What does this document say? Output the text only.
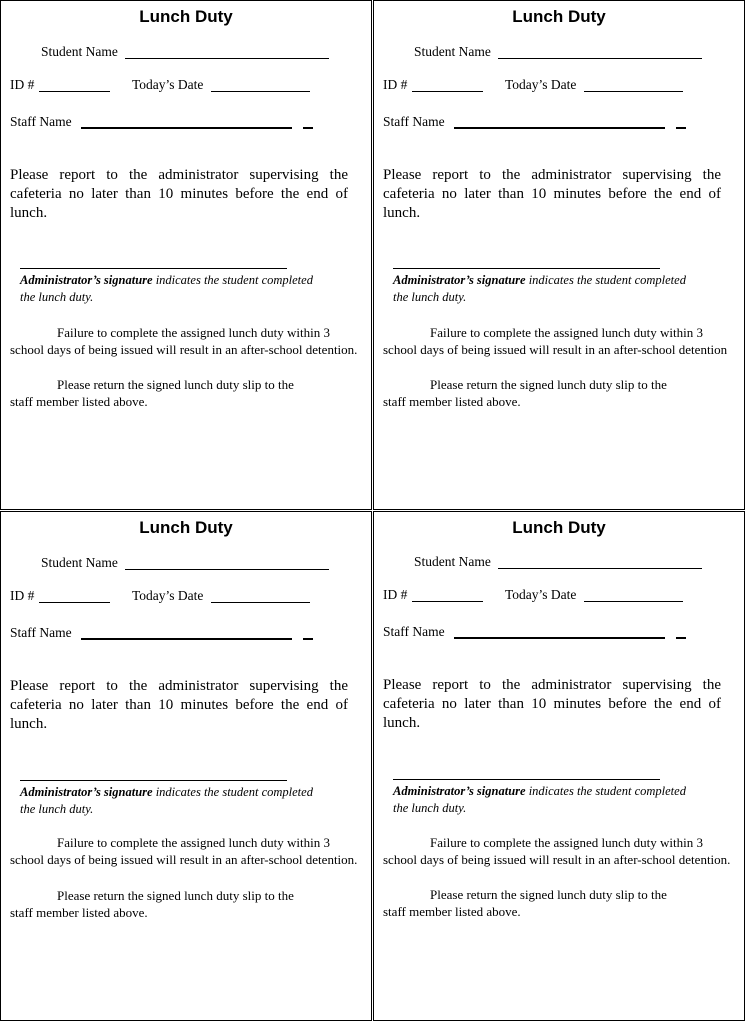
Lunch Duty
Student Name
ID #	Today’s Date
Staff Name
Please report to the administrator supervising the cafeteria no later than 10 minutes before the end of lunch.
Administrator’s signature indicates the student completed the lunch duty.
Failure to complete the assigned lunch duty within 3 school days of being issued will result in an after-school detention.
Please return the signed lunch duty slip to the staff member listed above.
Lunch Duty
Student Name
ID #	Today’s Date
Staff Name
Please report to the administrator supervising the cafeteria no later than 10 minutes before the end of lunch.
Administrator’s signature indicates the student completed the lunch duty.
Failure to complete the assigned lunch duty within 3 school days of being issued will result in an after-school detention
Please return the signed lunch duty slip to the staff member listed above.
Lunch Duty
Student Name
ID #	Today’s Date
Staff Name
Please report to the administrator supervising the cafeteria no later than 10 minutes before the end of lunch.
Administrator’s signature indicates the student completed the lunch duty.
Failure to complete the assigned lunch duty within 3 school days of being issued will result in an after-school detention.
Please return the signed lunch duty slip to the staff member listed above.
Lunch Duty
Student Name
ID #	Today’s Date
Staff Name
Please report to the administrator supervising the cafeteria no later than 10 minutes before the end of lunch.
Administrator’s signature indicates the student completed the lunch duty.
Failure to complete the assigned lunch duty within 3 school days of being issued will result in an after-school detention.
Please return the signed lunch duty slip to the staff member listed above.
